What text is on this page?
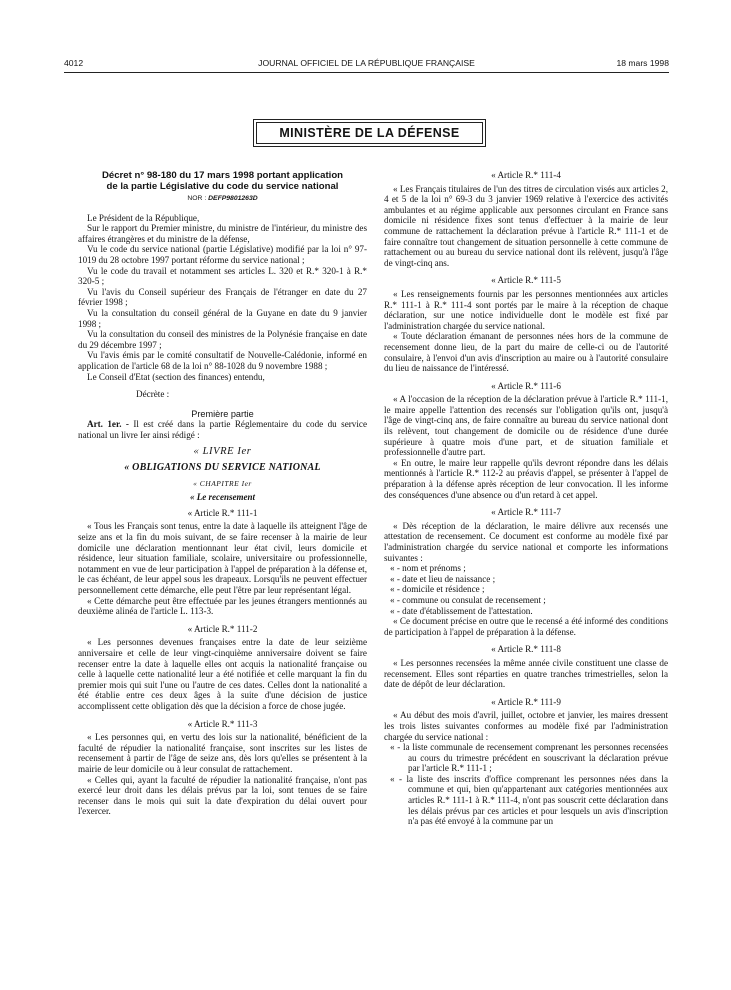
4012	JOURNAL OFFICIEL DE LA RÉPUBLIQUE FRANÇAISE	18 mars 1998
MINISTÈRE DE LA DÉFENSE
Décret n° 98-180 du 17 mars 1998 portant application
de la partie Législative du code du service national
NOR : DEFP9801263D

Le Président de la République,

Sur le rapport du Premier ministre, du ministre de l'intérieur, du ministre des affaires étrangères et du ministre de la défense,

Vu le code du service national (partie Législative) modifié par la loi n° 97-1019 du 28 octobre 1997 portant réforme du service national ;

Vu le code du travail et notamment ses articles L. 320 et R.* 320-1 à R.* 320-5 ;

Vu l'avis du Conseil supérieur des Français de l'étranger en date du 27 février 1998 ;

Vu la consultation du conseil général de la Guyane en date du 9 janvier 1998 ;

Vu la consultation du conseil des ministres de la Polynésie française en date du 29 décembre 1997 ;

Vu l'avis émis par le comité consultatif de Nouvelle-Calédonie, informé en application de l'article 68 de la loi n° 88-1028 du 9 novembre 1988 ;

Le Conseil d'Etat (section des finances) entendu,

Décrète :

Première partie

Art. 1er. - Il est créé dans la partie Réglementaire du code du service national un livre Ier ainsi rédigé :

« LIVRE Ier

« OBLIGATIONS DU SERVICE NATIONAL

« CHAPITRE Ier

« Le recensement

« Article R.* 111-1

« Tous les Français sont tenus, entre la date à laquelle ils atteignent l'âge de seize ans et la fin du mois suivant, de se faire recenser à la mairie de leur domicile une déclaration mentionnant leur état civil, leurs domicile et résidence, leur situation familiale, scolaire, universitaire ou professionnelle, notamment en vue de leur participation à l'appel de préparation à la défense et, le cas échéant, de leur appel sous les drapeaux. Lorsqu'ils ne peuvent effectuer personnellement cette démarche, elle peut l'être par leur représentant légal.

« Cette démarche peut être effectuée par les jeunes étrangers mentionnés au deuxième alinéa de l'article L. 113-3.

« Article R.* 111-2

« Les personnes devenues françaises entre la date de leur seizième anniversaire et celle de leur vingt-cinquième anniversaire doivent se faire recenser entre la date à laquelle elles ont acquis la nationalité française ou celle à laquelle cette nationalité leur a été notifiée et celle marquant la fin du premier mois qui suit l'une ou l'autre de ces dates. Celles dont la nationalité a été établie entre ces deux âges à la suite d'une décision de justice accomplissent cette obligation dès que la décision a force de chose jugée.

« Article R.* 111-3

« Les personnes qui, en vertu des lois sur la nationalité, bénéficient de la faculté de répudier la nationalité française, sont inscrites sur les listes de recensement à partir de l'âge de seize ans, dès lors qu'elles se présentent à la mairie de leur domicile ou à leur consulat de rattachement.

« Celles qui, ayant la faculté de répudier la nationalité française, n'ont pas exercé leur droit dans les délais prévus par la loi, sont tenues de se faire recenser dans le mois qui suit la date d'expiration du délai ouvert pour l'exercer.

« Article R.* 111-4

« Les Français titulaires de l'un des titres de circulation visés aux articles 2, 4 et 5 de la loi n° 69-3 du 3 janvier 1969 relative à l'exercice des activités ambulantes et au régime applicable aux personnes circulant en France sans domicile ni résidence fixes sont tenus d'effectuer à la mairie de leur commune de rattachement la déclaration prévue à l'article R.* 111-1 et de faire connaître tout changement de situation personnelle à cette commune de rattachement ou au bureau du service national dont ils relèvent, jusqu'à l'âge de vingt-cinq ans.

« Article R.* 111-5

« Les renseignements fournis par les personnes mentionnées aux articles R.* 111-1 à R.* 111-4 sont portés par le maire à la réception de chaque déclaration, sur une notice individuelle dont le modèle est fixé par l'administration chargée du service national.

« Toute déclaration émanant de personnes nées hors de la commune de recensement donne lieu, de la part du maire de celle-ci ou de l'autorité consulaire, à l'envoi d'un avis d'inscription au maire ou à l'autorité consulaire du lieu de naissance de l'intéressé.

« Article R.* 111-6

« A l'occasion de la réception de la déclaration prévue à l'article R.* 111-1, le maire appelle l'attention des recensés sur l'obligation qu'ils ont, jusqu'à l'âge de vingt-cinq ans, de faire connaître au bureau du service national dont ils relèvent, tout changement de domicile ou de résidence d'une durée supérieure à quatre mois d'une part, et de situation familiale et professionnelle d'autre part.

« En outre, le maire leur rappelle qu'ils devront répondre dans les délais mentionnés à l'article R.* 112-2 au préavis d'appel, se présenter à l'appel de préparation à la défense après réception de leur convocation. Il les informe des conséquences d'une absence ou d'un retard à cet appel.

« Article R.* 111-7

« Dès réception de la déclaration, le maire délivre aux recensés une attestation de recensement. Ce document est conforme au modèle fixé par l'administration chargée du service national et comporte les informations suivantes :

« - nom et prénoms ;

« - date et lieu de naissance ;

« - domicile et résidence ;

« - commune ou consulat de recensement ;

« - date d'établissement de l'attestation.

« Ce document précise en outre que le recensé a été informé des conditions de participation à l'appel de préparation à la défense.

« Article R.* 111-8

« Les personnes recensées la même année civile constituent une classe de recensement. Elles sont réparties en quatre tranches trimestrielles, selon la date de dépôt de leur déclaration.

« Article R.* 111-9

« Au début des mois d'avril, juillet, octobre et janvier, les maires dressent les trois listes suivantes conformes au modèle fixé par l'administration chargée du service national :

« - la liste communale de recensement comprenant les personnes recensées au cours du trimestre précédent en souscrivant la déclaration prévue par l'article R.* 111-1 ;

« - la liste des inscrits d'office comprenant les personnes nées dans la commune et qui, bien qu'appartenant aux catégories mentionnées aux articles R.* 111-1 à R.* 111-4, n'ont pas souscrit cette déclaration dans les délais prévus par ces articles et pour lesquels un avis d'inscription n'a pas été envoyé à la commune par un
